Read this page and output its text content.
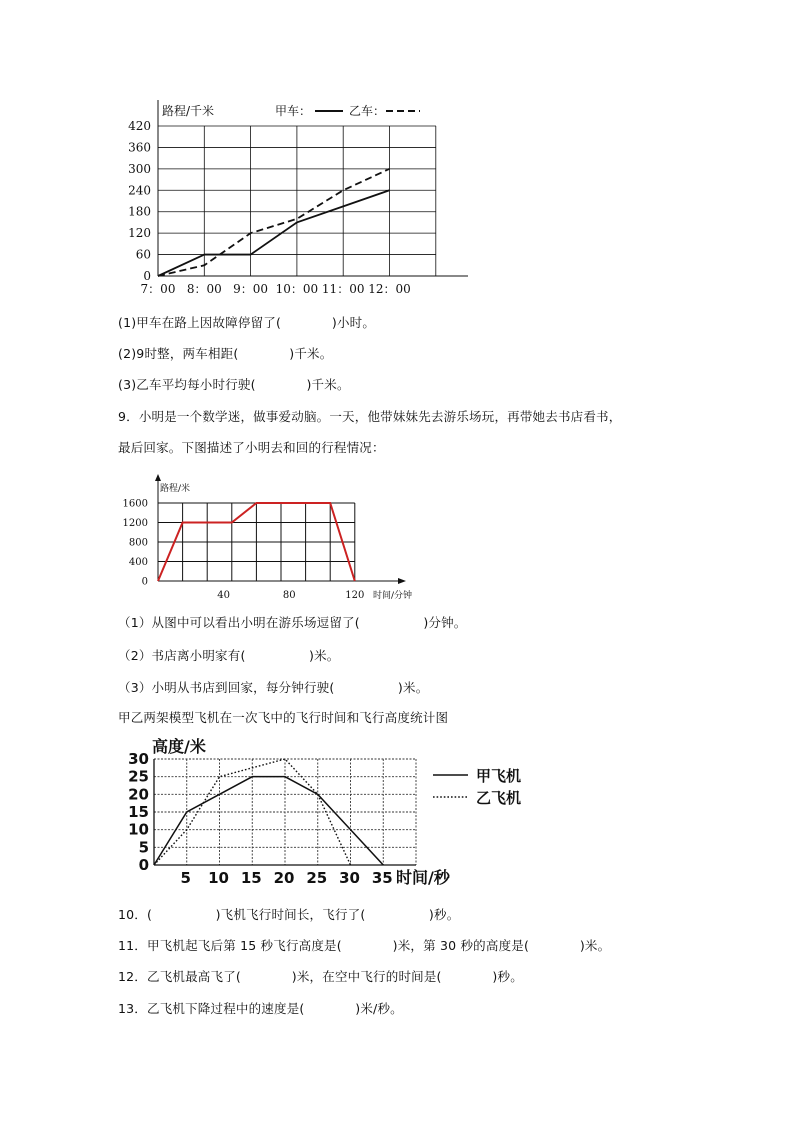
0
60
120
180
240
300
360
420
7：00 8：00 9：00 10：00 11：00 12：00
路程/千米	甲车：	乙车：
(1)甲车在路上因故障停留了(　　　　)小时。
(2)9时整，两车相距(　　　　)千米。
(3)乙车平均每小时行驶(　　　　)千米。
9．小明是一个数学迷，做事爱动脑。一天，他带妹妹先去游乐场玩，再带她去书店看书，
最后回家。下图描述了小明去和回的行程情况：
0
400
800
1200
1600
40	80	120
路程/米
时间/分钟
（1）从图中可以看出小明在游乐场逗留了(　　　　　)分钟。
（2）书店离小明家有(　　　　　)米。
（3）小明从书店到回家，每分钟行驶(　　　　　)米。
甲乙两架模型飞机在一次飞中的飞行时间和飞行高度统计图
0
5
10
15
20
25
30
5 10 15 20 25 30 35
高度/米
时间/秒
甲飞机
乙飞机
10．(　　　　　)飞机飞行时间长，飞行了(　　　　　)秒。
11．甲飞机起飞后第 15 秒飞行高度是(　　　　)米，第 30 秒的高度是(　　　　)米。
12．乙飞机最高飞了(　　　　)米，在空中飞行的时间是(　　　　)秒。
13．乙飞机下降过程中的速度是(　　　　)米/秒。
